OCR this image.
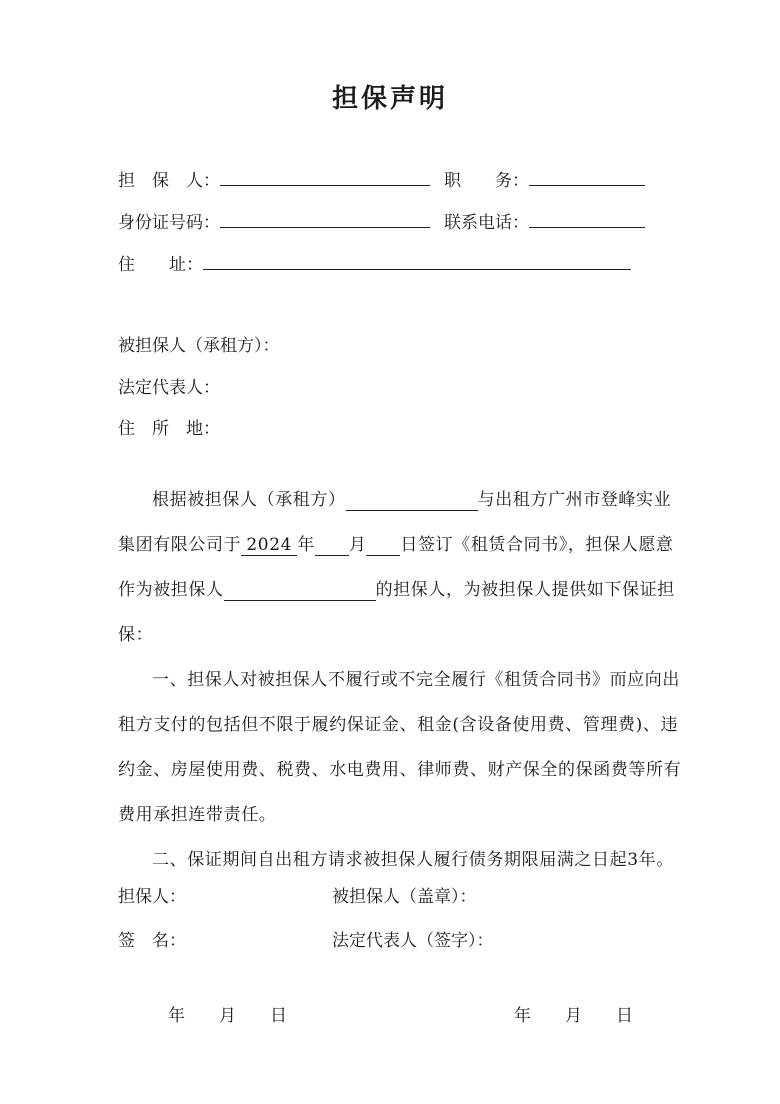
担保声明
担　保　人：	职　　务：
身份证号码：	联系电话：
住　　址：
被担保人（承租方）：
法定代表人：
住　所　地：

根据被担保人（承租方）	与出租方广州市登峰实业集团有限公司于 2024 年 月 日签订《租赁合同书》，担保人愿意作为被担保人	的担保人，为被担保人提供如下保证担保：

一、担保人对被担保人不履行或不完全履行《租赁合同书》而应向出租方支付的包括但不限于履约保证金、租金(含设备使用费、管理费)、违约金、房屋使用费、税费、水电费用、律师费、财产保全的保函费等所有费用承担连带责任。

二、保证期间自出租方请求被担保人履行债务期限届满之日起3年。

担保人：	被担保人（盖章）：
签　名：	法定代表人（签字）：
年　　月　　日	年　　月　　日
